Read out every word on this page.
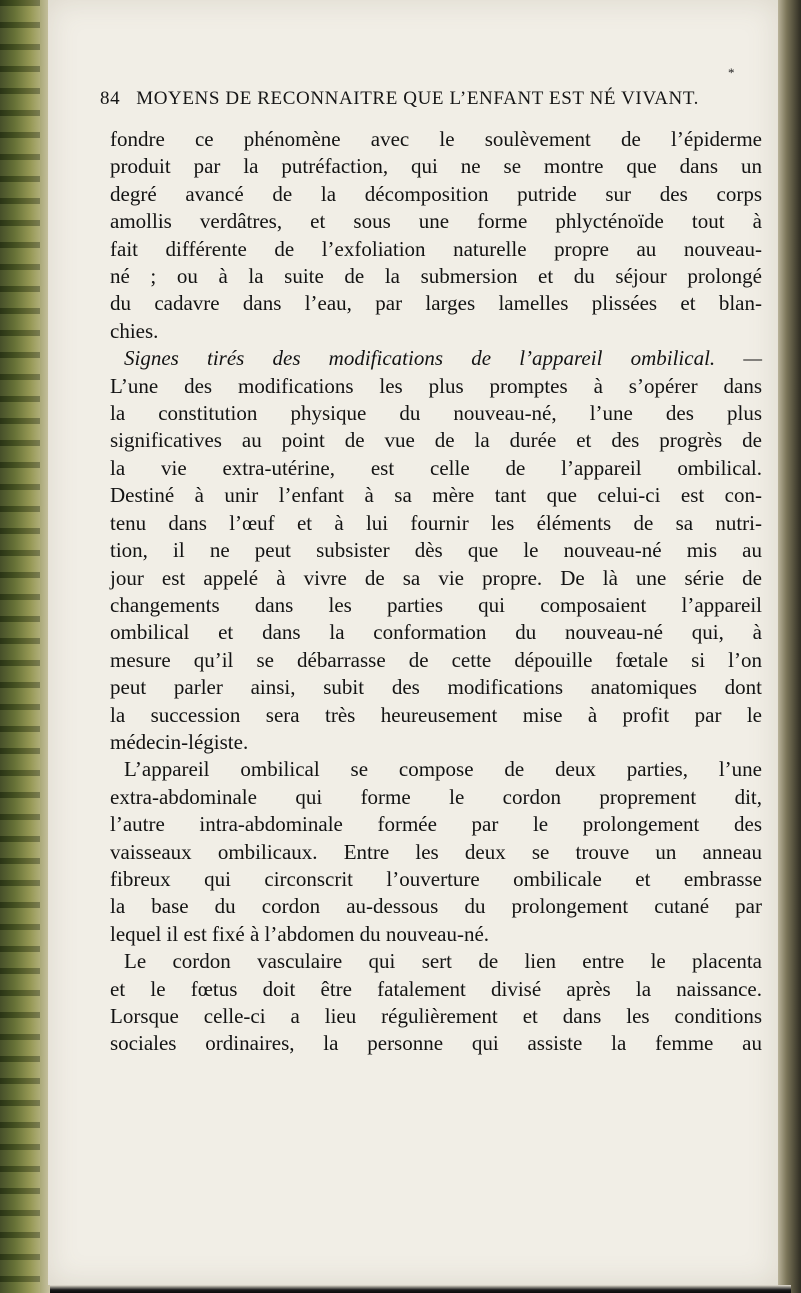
*
84 MOYENS DE RECONNAITRE QUE L’ENFANT EST NÉ VIVANT.
fondre ce phénomène avec le soulèvement de l’épiderme
produit par la putréfaction, qui ne se montre que dans un
degré avancé de la décomposition putride sur des corps
amollis verdâtres, et sous une forme phlycténoïde tout à
fait différente de l’exfoliation naturelle propre au nouveau-
né ; ou à la suite de la submersion et du séjour prolongé
du cadavre dans l’eau, par larges lamelles plissées et blan-
chies.
Signes tirés des modifications de l’appareil ombilical. —
L’une des modifications les plus promptes à s’opérer dans
la constitution physique du nouveau-né, l’une des plus
significatives au point de vue de la durée et des progrès de
la vie extra-utérine, est celle de l’appareil ombilical.
Destiné à unir l’enfant à sa mère tant que celui-ci est con-
tenu dans l’œuf et à lui fournir les éléments de sa nutri-
tion, il ne peut subsister dès que le nouveau-né mis au
jour est appelé à vivre de sa vie propre. De là une série de
changements dans les parties qui composaient l’appareil
ombilical et dans la conformation du nouveau-né qui, à
mesure qu’il se débarrasse de cette dépouille fœtale si l’on
peut parler ainsi, subit des modifications anatomiques dont
la succession sera très heureusement mise à profit par le
médecin-légiste.
L’appareil ombilical se compose de deux parties, l’une
extra-abdominale qui forme le cordon proprement dit,
l’autre intra-abdominale formée par le prolongement des
vaisseaux ombilicaux. Entre les deux se trouve un anneau
fibreux qui circonscrit l’ouverture ombilicale et embrasse
la base du cordon au-dessous du prolongement cutané par
lequel il est fixé à l’abdomen du nouveau-né.
Le cordon vasculaire qui sert de lien entre le placenta
et le fœtus doit être fatalement divisé après la naissance.
Lorsque celle-ci a lieu régulièrement et dans les conditions
sociales ordinaires, la personne qui assiste la femme au
